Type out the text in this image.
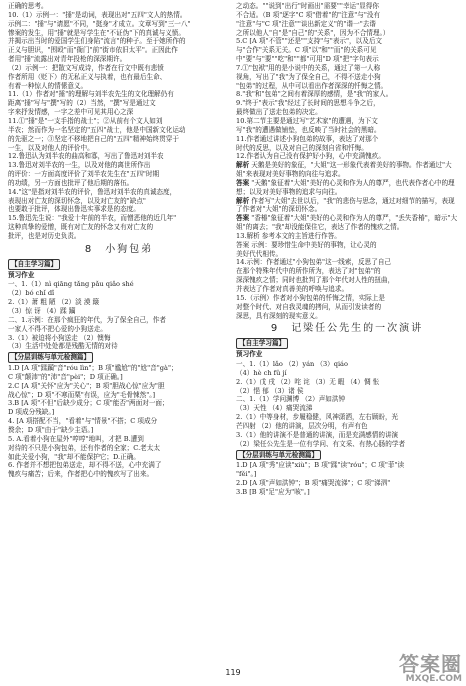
正确的思考。

10.（1）示例一："捶"是动词，表现出对"五四"文人的热情。

示例二："捶"与"请愿"不同，"挺身"才成立。文章写到"三一八"

惨案的发生，用"捶"就是写学生在"不证伪"下的真诚与义愤。

并揭示出当时的爱国学生们身陷"流言"的种子。至于她所作的

正义与胆识，"围殴"而"衙门"前"街市依旧太平"。正因此作

者用"捶"流露出对青年投枪的深深期许。

（2）示例一：把散文写成诗，作者在行文中既有悲愤

作者所用（贬下）的无私正义与执着，也有最后生命、

有着一种惊人的情愫意义。

11.（1）作者对"捶"的理解与刘半农先生的文化理解仍有

距离"捶"写与"撰"写的（2）当然，"撰"写是通过文

字来抒发情感，一字之差中可见其用心之深

11.①"捶"是"一支手指的战士"；②从前有个文人如刘

半农；然而作为一名坚定的"五四"战士，他是中国新文化运动

的先驱之一；③坚定不移地把自己的"五四"精神始终贯穿于

一生，以及对他人的评价中。

12.鲁迅认为刘半农的曲高和寡，写出了鲁迅对刘半农

13.鲁迅对刘半农的一生，以及对他的离世所作出

的评价：一方面高度评价了刘半农先生在"五四"时期

的功绩，另一方面也批评了他后期的落伍。

14."这"是指对刘半农的评价，鲁迅对刘半农的真诚态度，

表现出对亡友的深切怀念，以及对亡友的"缺点"

也要敢于批评，体现出鲁迅实事求是的态度。

15.鲁迅先生说："我爱十年前的半农，而憎恶他的近几年"

这种真挚的爱憎，既有对亡友的怀念又有对亡友的

批评，也是对历史负责。

8 小狗包弟

【自主学习篇】

预习作业

一、1.（1）nì qiāng tǎng pǎu qiǎo shé

（2）bó chǐ dǐ

2.（1）萧 粗 陋 （2）淡 漠 簸

（3）惊 讶 （4）蹂 躏

二、1.示例：在那个疯狂的年代，为了保全自己，作者

一家人不得不把心爱的小狗送走。

3.（1）被迫将小狗送走 （2）懊悔

（3）生活中处处都是残酷无情的对待

【分层训练与单元检测篇】

1.D [A 项"蹂躏"音"róu lìn"；B 项"尴尬"的"尬"音"gà"；

C 项"颠沛"的"沛"音"pèi"；D 项正确。]

2.C [A 项"关怀"应为"关心"；B 项"胆战心惊"应为"胆

战心惊"；D 项"不寒而栗"有误，应为"毛骨悚然"。]

3.B [A 项"不但"后缺少成分；C 项"能否"两面对一面；

D 项成分残缺。]

4. [A 项搭配不当，"看着"与"情景"不搭；C 项成分

赘余；D 项"由于"缺少主语。]

5. A.看着小狗在屋外"哼哼"地叫，才把 B.遭到

对待的不只是小狗包弟，还有作者的全家；C.老太太

如此关爱小狗，"我"却不能保护它；D.正确。

6. 作者并不想把包弟送走，却不得不送，心中充满了

愧疚与痛苦；后来，作者把心中的愧疚写了出来。

之动态。""说到"出行"时画出"需要""幸运"显得你

不合适。（B 项"逐字"C 项"借着"的"注意"与"没有

"注意"与"C 项"注意""谈出新定义"的"谐一"去谐

之所以他人"自"是"自己"的"关系"，因为不合情理。）

5.C [A 项"不管""还是""支持"与"表示"，以及后文

与"合作"关系无关。C 项"以"和""而"的关系可见

中"要"与"要""吃"和""都"可用"D 项"把"字句表示

7.①"包袱"用的是小说中的关系，通过了第一人称

视角，写出了"我"为了保全自己，不得不送走小狗

"包弟"的过程，从中可以看出作者深深的忏悔之情。

8."我"和"包弟"之间有着深厚的感情，是"我"的家人。

9."终于"表示"我"经过了长时间的思想斗争之后，

最终做出了送走包弟的决定。

10.第二节主要是通过写"艺术家"的遭遇，为下文

写"我"的遭遇做铺垫，也反映了当时社会的黑暗。

11.作者通过讲述小狗包弟的故事，表达了对那个

时代的反思，以及对自己的深刻自省和忏悔。

12.作者认为自己没有保护好小狗，心中充满愧疚。

解析 天鹅是美好的象征，"大姐"这一形象代表着美好的事物。作者通过"大姐"来表现对美好事物的向往与追求。

答案 "天鹅"象征着"大姐"美好的心灵和作为人的尊严，也代表作者心中的理想；以及对美好事物的追求与向往。

解析 作者写"大姐"去世以后，"我"的悲伤与思念，通过对细节的描写，表现了作者对"大姐"的深切怀念。

答案 "香椿"象征着"大姐"美好的心灵和作为人的尊严，"丢失香椿"，暗示"大姐"的离去；"我"却没能保住它，表达了作者的愧疚之情。

13.解析 参考本文的主旨进行作答。

答案 示例：要珍惜生命中美好的事物，让心灵的

美好代代相传。

14.示例：作者通过"小狗包弟"这一线索，反思了自己

在那个特殊年代中的所作所为，表达了对"包弟"的

深深愧疚之情；同时也批判了那个年代对人性的扭曲，

并表达了作者对真善美的呼唤与追求。

15.（示例）作者对小狗包弟的忏悔之情，实际上是

对整个时代、对自我灵魂的拷问，从而引发读者的

深思，具有深刻的现实意义。

9 记梁任公先生的一次演讲

【自主学习篇】

预习作业

一、1.（1）lǎo （2）yán （3）qiáo

（4）hè ch fǔ jí

2.（1）戊 戌 （2）咤 诧 （3）无 暇 （4）惆 怅

（2）悒 郁 （3）诸 侯

二、1.（1）学问渊博 （2）声如洪钟

（3）天性 （4）痛哭流涕

2.（1）中等身材，步履稳健，风神潇洒，左右顾盼，光

芒四射 （2）他的讲演，层次分明，有声有色

3.（1）他的讲演不是普通的讲演，而是充满感情的讲演

（2）梁任公先生是一位有学问、有文采、有热心肠的学者

【分层训练与单元检测篇】

1.D [A 项"秀"应读"xiù"；B 项"蹂"读"róu"；C 项"菲"读

"fěi"。]

2.D [A 项"声如洪钟"；B 项"痛哭流涕"；C 项"涕泗"

3.B [B 项"足"应为"咳"。]

119	答案圈
MXQE.COM
